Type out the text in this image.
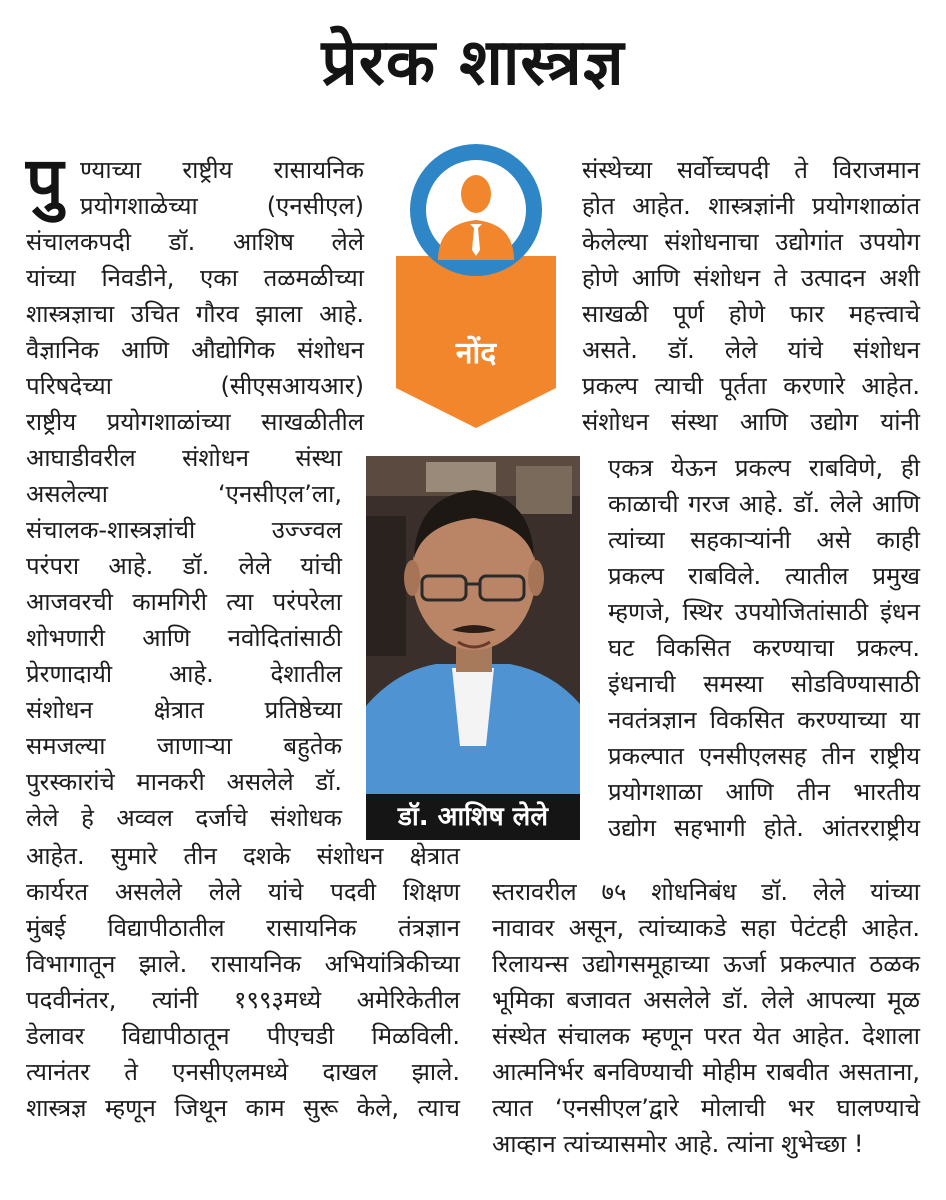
प्रेरक शास्त्रज्ञ
पु ण्याच्या राष्ट्रीय रासायनिक
प्रयोगशाळेच्या (एनसीएल)
संचालकपदी डॉ. आशिष लेले
यांच्या निवडीने, एका तळमळीच्या
शास्त्रज्ञाचा उचित गौरव झाला आहे.
वैज्ञानिक आणि औद्योगिक संशोधन
परिषदेच्या (सीएसआयआर)
राष्ट्रीय प्रयोगशाळांच्या साखळीतील
आघाडीवरील संशोधन संस्था
असलेल्या ‘एनसीएल’ला,
संचालक-शास्त्रज्ञांची उज्ज्वल
परंपरा आहे. डॉ. लेले यांची
आजवरची कामगिरी त्या परंपरेला
शोभणारी आणि नवोदितांसाठी
प्रेरणादायी आहे. देशातील
संशोधन क्षेत्रात प्रतिष्ठेच्या
समजल्या जाणाऱ्या बहुतेक
पुरस्कारांचे मानकरी असलेले डॉ.
लेले हे अव्वल दर्जाचे संशोधक
आहेत. सुमारे तीन दशके संशोधन क्षेत्रात
कार्यरत असलेले लेले यांचे पदवी शिक्षण
मुंबई विद्यापीठातील रासायनिक तंत्रज्ञान
विभागातून झाले. रासायनिक अभियांत्रिकीच्या
पदवीनंतर, त्यांनी १९९३मध्ये अमेरिकेतील
डेलावर विद्यापीठातून पीएचडी मिळविली.
त्यानंतर ते एनसीएलमध्ये दाखल झाले.
शास्त्रज्ञ म्हणून जिथून काम सुरू केले, त्याच
संस्थेच्या सर्वोच्चपदी ते विराजमान
होत आहेत. शास्त्रज्ञांनी प्रयोगशाळांत
केलेल्या संशोधनाचा उद्योगांत उपयोग
होणे आणि संशोधन ते उत्पादन अशी
साखळी पूर्ण होणे फार महत्त्वाचे
असते. डॉ. लेले यांचे संशोधन
प्रकल्प त्याची पूर्तता करणारे आहेत.
संशोधन संस्था आणि उद्योग यांनी
एकत्र येऊन प्रकल्प राबविणे, ही
काळाची गरज आहे. डॉ. लेले आणि
त्यांच्या सहकाऱ्यांनी असे काही
प्रकल्प राबविले. त्यातील प्रमुख
म्हणजे, स्थिर उपयोजितांसाठी इंधन
घट विकसित करण्याचा प्रकल्प.
इंधनाची समस्या सोडविण्यासाठी
नवतंत्रज्ञान विकसित करण्याच्या या
प्रकल्पात एनसीएलसह तीन राष्ट्रीय
प्रयोगशाळा आणि तीन भारतीय
उद्योग सहभागी होते. आंतरराष्ट्रीय
स्तरावरील ७५ शोधनिबंध डॉ. लेले यांच्या
नावावर असून, त्यांच्याकडे सहा पेटंटही आहेत.
रिलायन्स उद्योगसमूहाच्या ऊर्जा प्रकल्पात ठळक
भूमिका बजावत असलेले डॉ. लेले आपल्या मूळ
संस्थेत संचालक म्हणून परत येत आहेत. देशाला
आत्मनिर्भर बनविण्याची मोहीम राबवीत असताना,
त्यात ‘एनसीएल’द्वारे मोलाची भर घालण्याचे
आव्हान त्यांच्यासमोर आहे. त्यांना शुभेच्छा !
नोंद
डॉ. आशिष लेले
